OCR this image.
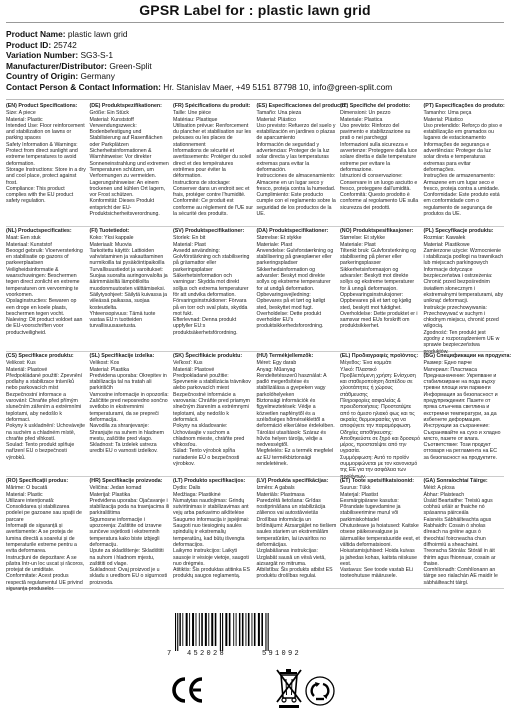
GPSR Label for : plastic lawn grid
Product Name: plastic lawn grid
Product ID: 25742
Variation Number: SG3-S-1
Manufacturer/Distributor: Green-Split
Country of Origin: Germany
Contact Person & Contact Information: Hr. Stanislav Maer, +49 5151 87798 10, info@green-split.com
(EN) Product Specifications:
Size: A piece
Material: Plastic
Intended Use: Floor reinforcement and stabilization on lawns or parking spaces
Safety Information & Warnings: Protect from direct sunlight and extreme temperatures to avoid deformation.
Storage Instructions: Store in a dry and cool place, protect against frost.
Compliance: This product complies with the EU product safety regulation.
(DE) Produktspezifikationen:
Größe: Ein Stück
Material: Kunststoff
Verwendungszweck: Bodenbefestigung und Stabilisierung auf Rasenflächen oder Parkplätzen
Sicherheitsinformationen & Warnhinweise: Vor direkter Sonneneinstrahlung und extremen Temperaturen schützen, um Verformungen zu vermeiden.
Lagerungshinweise: An einem trockenen und kühlen Ort lagern, vor Frost schützen.
Konformität: Dieses Produkt entspricht der EU-Produktsicherheitsverordnung.
(FR) Spécifications du produit:
Taille: Une pièce
Matériau: Plastique
Utilisation prévue: Renforcement du plancher et stabilisation sur les pelouses ou les places de stationnement
Informations de sécurité et avertissements: Protéger du soleil direct et des températures extrêmes pour éviter la déformation.
Instructions de stockage: Conserver dans un endroit sec et frais, protéger contre l'humidité.
Conformité: Ce produit est conforme au règlement de l'UE sur la sécurité des produits.
(ES) Especificaciones del producto:
Tamaño: Una pieza
Material: Plástico
Uso previsto: Refuerzo del suelo y estabilización en jardines o plazas de aparcamiento
Información de seguridad y advertencias: Proteger de la luz solar directa y las temperaturas extremas para evitar la deformación.
Instrucciones de almacenamiento: Almacene en un lugar seco y fresco, proteja contra la humedad.
Cumplimiento: Este producto cumple con el reglamento sobre la seguridad de los productos de la UE.
(IT) Specifiche del prodotto:
Dimensioni: Un pezzo
Materiale: Plastica
Uso previsto: Rinforzo del pavimento e stabilizzazione su prati o nei parcheggi
Informazioni sulla sicurezza e avvertenze: Proteggere dalla luce solare diretta e dalle temperature estreme per evitare la deformazione.
Istruzioni di conservazione: Conservare in un luogo asciutto e fresco, proteggere dall'umidità.
Conformità: Questo prodotto è conforme al regolamento UE sulla sicurezza dei prodotti.
(PT) Especificações do produto:
Tamanho: Uma peça
Material: Plástico
Uso pretendido: Reforço do piso e estabilização em gramados ou lugares de estacionamento
Informações de segurança e advertências: Proteger da luz solar direta e temperaturas extremas para evitar deformações.
Instruções de armazenamento: Armazene em um lugar seco e fresco, proteja contra a umidade.
Conformidade: Este produto está em conformidade com o regulamento de segurança de produtos da UE.
(NL) Productspecificaties:
Maat: Een stuk
Materiaal: Kunststof
Beoogd gebruik: Vloerversterking en stabilisatie op gazons of parkeerplaatsen
Veiligheidsinformatie & waarschuwingen: Beschermen tegen direct zonlicht en extreme temperaturen om vervorming te voorkomen.
Opslaginstructies: Bewaren op een droge en koele plaats, beschermen tegen vocht.
Naleving: Dit product voldoet aan de EU-voorschriften voor productveiligheid.
(FI) Tuotetiedot:
Koko: Yksi kappale
Materiaali: Muovia
Tarkoitettu käyttö: Lattioiden vahvistaminen ja vakauttaminen nurmikoilla tai pysäköintipaikoilla
Turvallisuustiedot ja varoitukset: Suojaa suoralta auringonvalolta ja äärimmäisiltä lämpötiloilta muodonmuutosten välttämiseksi.
Säilytysohjeet: Säilytä kuivassa ja viileässä paikassa, suojaa kosteudelta.
Yhteensopivuus: Tämä tuote vastaa EU:n tuotteiden turvallisuusasetusta.
(SV) Produktspecifikationer:
Storlek: En bit
Material: Plast
Avsedd användning: Golvförstärkning och stabilisering på gräsmattor eller parkeringsplatser
Säkerhetsinformation och varningar: Skydda mot direkt solljus och extrema temperaturer för att undvika deformation.
Förvaringsinstruktioner: Förvara på en torr och sval plats, skydda mot fukt.
Efterlevnad: Denna produkt uppfyller EU:s produktsäkerhetsförordning.
(DA) Produktspecifikationer:
Størrelse: Et stykke
Materiale: Plast
Anvendelse: Gulvforstærkning og stabilisering på græsplæner eller parkeringspladser
Sikkerhedsinformation og advarsler: Beskyt mod direkte sollys og ekstreme temperaturer for at undgå deformation.
Opbevaringsvejledning: Opbevares på et tørt og køligt sted, beskyttet mod fugt.
Overholdelse: Dette produkt overholder EU's produktsikkerhedsforordning.
(NO) Produktspesifikasjoner:
Størrelse: Et stykke
Materiale: Plast
Tiltenkt bruk: Gulvforsterkning og stabilisering på plener eller parkeringsplasser
Sikkerhetsinformasjon og advarsler: Beskytt mot direkte sollys og ekstreme temperaturer for å unngå deformasjon.
Oppbevaringsinstruksjoner: Oppbevares på et tørt og kjølig sted, beskytt mot fuktighet.
Overholdelse: Dette produktet er i samsvar med EUs forskrift om produktsikkerhet.
(PL) Specyfikacje produktu:
Rozmiar: Kawałek
Materiał: Plastikowe
Zamierzone użycie: Wzmocnienie i stabilizacja podłogi na trawnikach lub miejscach parkingowych
Informacje dotyczące bezpieczeństwa i ostrzeżenia: Chronić przed bezpośrednim światłem słonecznym i ekstremalnymi temperaturami, aby uniknąć deformacji.
Instrukcje przechowywania: Przechowywać w suchym i chłodnym miejscu, chronić przed wilgocią.
Zgodność: Ten produkt jest zgodny z rozporządzeniem UE w sprawie bezpieczeństwa produktów.
(CS) Specifikace produktu:
Velikost: Kus
Materiál: Plastové
Předpokládané použití: Zpevnění podlahy a stabilizace trávníků nebo parkovacích míst
Bezpečnostní informace a varování: Chraňte před přímým slunečním zářením a extrémními teplotami, aby nedošlo k deformaci.
Pokyny k uskladnění: Uchovávejte na suchém a chladném místě, chraňte před vlhkostí.
Soulad: Tento produkt splňuje nařízení EU o bezpečnosti výrobků.
(SL) Specifikacije izdelka:
Velikost: Kos
Material: Plastika
Predvidena uporaba: Okrepitev in stabilizacija tal na tratah ali parkiriščih
Varnostne informacije in opozorila: Zaščitite pred neposredno sončno svetlobo in ekstremnimi temperaturami, da se prepreči deformacija.
Navodila za shranjevanje: Shranjujte na suhem in hladnem mestu, zaščitite pred vlago.
Skladnost: Ta izdelek ustreza uredbi EU o varnosti izdelkov.
(SK) Špecifikácie produktu:
Veľkosť: Kus
Materiál: Plastové
Predpokladané použitie: Spevnenie a stabilizácia trávnikov alebo parkovacích miest
Bezpečnostné informácie a varovania: Chráňte pred priamym slnečným žiarením a extrémnymi teplotami, aby nedošlo k deformácii.
Pokyny na skladovanie: Uchovávajte v suchom a chladnom mieste, chráňte pred vlhkosťou.
Súlad: Tento výrobok spĺňa nariadenie EÚ o bezpečnosti výrobkov.
(HU) Termékjellemzők:
Méret: Egy darab
Anyag: Műanyag
Rendeltetésszerű használat: A padló megerősítése és stabilizálása a gyepeken vagy parkolóhelyeken
Biztonsági információk és figyelmeztetések: Védje a közvetlen napfénytől és a szélsőséges hőmérséklettől a deformáció elkerülése érdekében.
Tárolási utasítások: Száraz és hűvös helyen tárolja, védje a nedvességtől.
Megfelelés: Ez a termék megfelel az EU termékbiztonsági rendeletének.
(EL) Προδιαγραφές προϊόντος:
Μέγεθος: Ένα κομμάτι
Υλικό: Πλαστικό
Προβλεπόμενη χρήση: Ενίσχυση και σταθεροποίηση δαπέδου σε χλοοτάπητες ή χώρους στάθμευσης
Πληροφορίες ασφαλείας & προειδοποιήσεις: Προστατέψτε από το άμεσο ηλιακό φως και τις ακραίες θερμοκρασίες για να αποφύγετε την παραμόρφωση.
Οδηγίες αποθήκευσης: Αποθηκεύστε σε ξηρό και δροσερό μέρος, προστατέψτε από την υγρασία.
Συμμόρφωση: Αυτό το προϊόν συμμορφώνεται με τον κανονισμό της ΕΕ για την ασφάλεια των προϊόντων.
(BG) Спецификации на продукта:
Размер: Едно парче
Материал: Пластмаса
Предназначение: Укрепване и стабилизиране на пода върху тревни площи или паркинги
Информация за безопасност и предупреждения: Пазете от пряка слънчева светлина и екстремни температури, за да избегнете деформация.
Инструкции за съхранение: Съхранявайте на сухо и хладно място, пазете от влага.
Съответствие: Този продукт отговаря на регламента на ЕС за безопасност на продуктите.
(RO) Specificații produs:
Mărime: O bucată
Material: Plastic
Utilizare intenționată: Consolidarea și stabilizarea podelei pe gazoane sau spații de parcare
Informații de siguranță și avertismente: A se proteja de lumina directă a soarelui și de temperaturile extreme pentru a evita deformarea.
Instrucțiuni de depozitare: A se păstra într-un loc uscat și răcoros, protejat de umiditate.
Conformitate: Acest produs respectă regulamentul UE privind siguranța produselor.
(HR) Specifikacije proizvoda:
Veličina: Jedan komad
Materijal: Plastika
Predviđena uporaba: Ojačavanje i stabilizacija poda na travnjacima ili parkiralištima
Sigurnosne informacije i upozorenja: Zaštitite od izravne sunčeve svjetlosti i ekstremnih temperatura kako biste izbjegli deformaciju.
Upute za skladištenje: Skladištiti na suhom i hladnom mjestu, zaštititi od vlage.
Sukladnost: Ovaj proizvod je u skladu s uredbom EU o sigurnosti proizvoda.
(LT) Produkto specifikacijos:
Dydis: Dalis
Medžiaga: Plastikinė
Numatytas naudojimas: Grindų sutvirtinimas ir stabilizavimas ant vejų arba parkavimo aikštelėse
Saugumo informacija ir įspėjimai: Saugoti nuo tiesioginių saulės spindulių ir ekstremalių temperatūrų, kad būtų išvengta deformacijos.
Laikymo instrukcijos: Laikyti sausoje ir vėsioje vietoje, saugoti nuo drėgmės.
Atitiktis: Šis produktas atitinka ES produktų saugos reglamentą.
(LV) Produkta specifikācijas:
Izmērs: A gabals
Materiāls: Plastmasa
Paredzētā lietošana: Grīdas nostiprināšana un stabilizācija zālienos vai autostāvvietās
Drošības informācija un brīdinājumi: Aizsargājiet no tiešiem saules stariem un ekstremālām temperatūrām, lai izvairītos no deformācijas.
Uzglabāšanas instrukcijas: Uzglabāt sausā un vēsā vietā, aizsargāt no mitruma.
Atbilstība: Šis produkts atbilst ES produktu drošības regulai.
(ET) Toote spetsifikatsioonid:
Suurus: Tükk
Materjal: Plastist
Eesmärgipärane kasutus: Põrandate tugevdamine ja stabiliseerimine murul või parkimiskohtadel
Ohutusteave ja hoiatused: Kaitske otsese päikesevalguse ja äärmuslike temperatuuride eest, et vältida deformatsiooni.
Hoiustamisjuhised: Hoida kuivas ja jahedas kohas, kaitsta niiskuse eest.
Vastavus: See toode vastab ELi tooteohutuse määrusele.
(GA) Sonraíochtaí Táirge:
Méid: A píosa
Ábhar: Plaisteach
Úsáid Beartaithe: Treisiú agus cobhsú urláir ar fhaiche nó spásanna páirceála
Faisnéis Sábháilteachta agus Rabhaidh: Cosain ó sholas díreach na gréine agus ó theochtaí foircneacha chun dífhoirmiú a sheachaint.
Treoracha Stórála: Stóráil in áit thirim agus fhionnuar, cosain ar thaise.
Comhlíonadh: Comhlíonann an táirge seo rialachán AE maidir le sábháilteacht táirgí.
7 452028	591092
